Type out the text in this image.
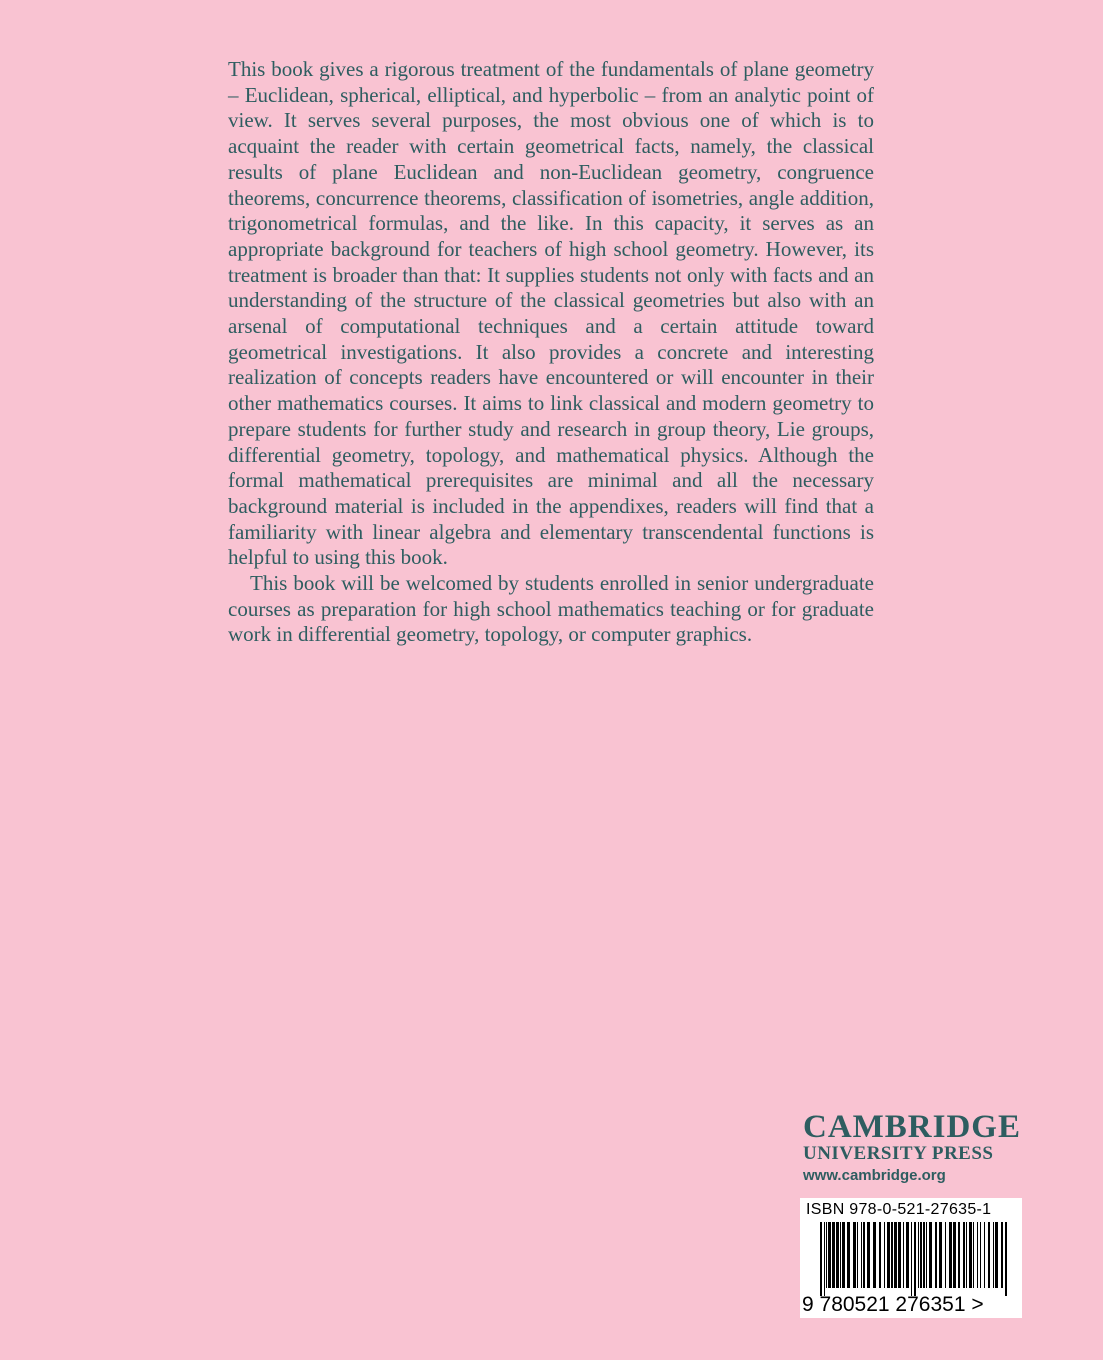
This book gives a rigorous treatment of the fundamentals of plane geometry – Euclidean, spherical, elliptical, and hyperbolic – from an analytic point of view. It serves several purposes, the most obvious one of which is to acquaint the reader with certain geometrical facts, namely, the classical results of plane Euclidean and non-Euclidean geometry, congruence theorems, concurrence theorems, classification of isometries, angle addition, trigonometrical formulas, and the like. In this capacity, it serves as an appropriate background for teachers of high school geometry. However, its treatment is broader than that: It supplies students not only with facts and an understanding of the structure of the classical geometries but also with an arsenal of computational techniques and a certain attitude toward geometrical investigations. It also provides a concrete and interesting realization of concepts readers have encountered or will encounter in their other mathematics courses. It aims to link classical and modern geometry to prepare students for further study and research in group theory, Lie groups, differential geometry, topology, and mathematical physics. Although the formal mathematical prerequisites are minimal and all the necessary background material is included in the appendixes, readers will find that a familiarity with linear algebra and elementary transcendental functions is helpful to using this book.

This book will be welcomed by students enrolled in senior undergraduate courses as preparation for high school mathematics teaching or for graduate work in differential geometry, topology, or computer graphics.

CAMBRIDGE
UNIVERSITY PRESS
www.cambridge.org
ISBN 978-0-521-27635-1
9 780521 276351 >
